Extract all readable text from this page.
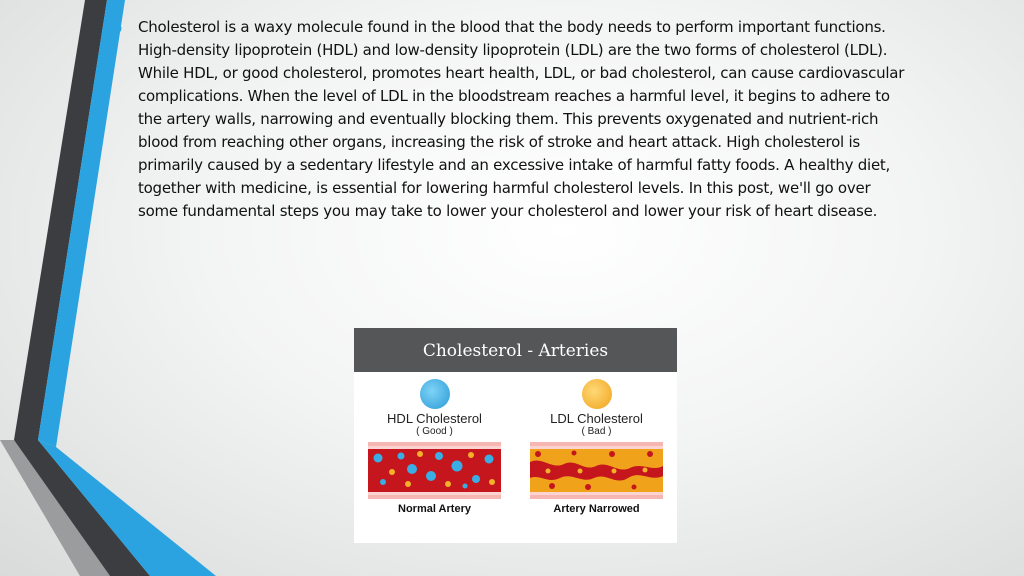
● Cholesterol is a waxy molecule found in the blood that the body needs to perform important functions. High-density lipoprotein (HDL) and low-density lipoprotein (LDL) are the two forms of cholesterol (LDL). While HDL, or good cholesterol, promotes heart health, LDL, or bad cholesterol, can cause cardiovascular complications. When the level of LDL in the bloodstream reaches a harmful level, it begins to adhere to the artery walls, narrowing and eventually blocking them. This prevents oxygenated and nutrient-rich blood from reaching other organs, increasing the risk of stroke and heart attack. High cholesterol is primarily caused by a sedentary lifestyle and an excessive intake of harmful fatty foods. A healthy diet, together with medicine, is essential for lowering harmful cholesterol levels. In this post, we'll go over some fundamental steps you may take to lower your cholesterol and lower your risk of heart disease.

Cholesterol - Arteries
HDL Cholesterol
( Good )
Normal Artery
LDL Cholesterol
( Bad )
Artery Narrowed
